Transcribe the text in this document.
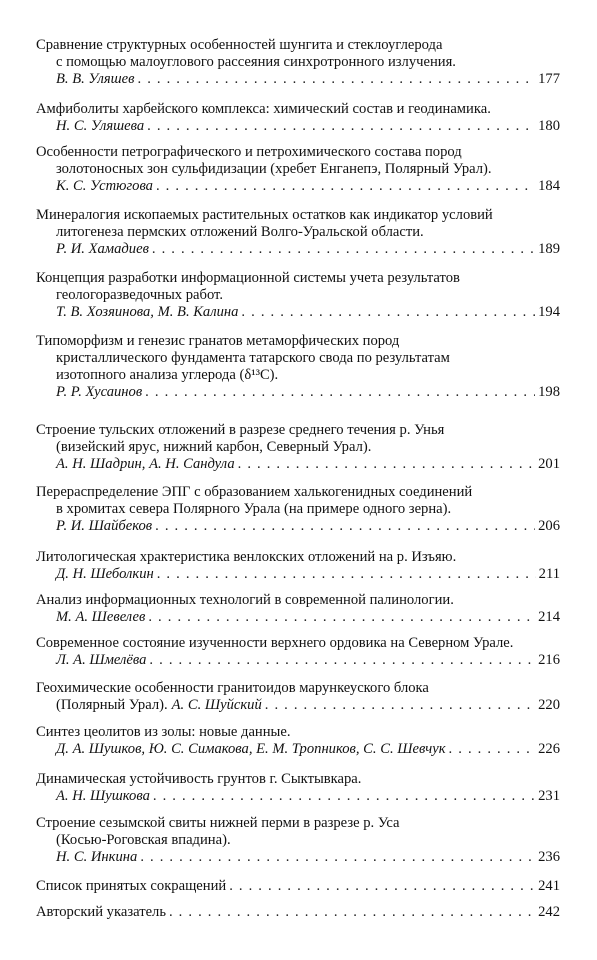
Сравнение структурных особенностей шунгита и стеклоуглерода
с помощью малоуглового рассеяния синхротронного излучения.
В. В. Уляшев . . .	177
Амфиболиты харбейского комплекса: химический состав и геодинамика.
Н. С. Уляшева . . .	180
Особенности петрографического и петрохимического состава пород
золотоносных зон сульфидизации (хребет Енганепэ, Полярный Урал).
К. С. Устюгова . . .	184
Минералогия ископаемых растительных остатков как индикатор условий
литогенеза пермских отложений Волго-Уральской области.
Р. И. Хамадиев . . .	189
Концепция разработки информационной системы учета результатов
геологоразведочных работ.
Т. В. Хозяинова, М. В. Калина . . .	194
Типоморфизм и генезис гранатов метаморфических пород
кристаллического фундамента татарского свода по результатам
изотопного анализа углерода (δ¹³С).
Р. Р. Хусаинов . . .	198
Строение тульских отложений в разрезе среднего течения р. Унья
(визейский ярус, нижний карбон, Северный Урал).
А. Н. Шадрин, А. Н. Сандула . . .	201
Перераспределение ЭПГ с образованием халькогенидных соединений
в хромитах севера Полярного Урала (на примере одного зерна).
Р. И. Шайбеков . . .	206
Литологическая храктеристика венлокских отложений на р. Изъяю.
Д. Н. Шеболкин . . .	211
Анализ информационных технологий в современной палинологии.
М. А. Шевелев . . .	214
Современное состояние изученности верхнего ордовика на Северном Урале.
Л. А. Шмелёва . . .	216
Геохимические особенности гранитоидов марункеуского блока
(Полярный Урал). А. С. Шуйский . . .	220
Синтез цеолитов из золы: новые данные.
Д. А. Шушков, Ю. С. Симакова, Е. М. Тропников, С. С. Шевчук . . .	226
Динамическая устойчивость грунтов г. Сыктывкара.
А. Н. Шушкова . . .	231
Строение сезымской свиты нижней перми в разрезе р. Уса
(Косью-Роговская впадина).
Н. С. Инкина . . .	236
Список принятых сокращений . . .	241
Авторский указатель . . .	242
